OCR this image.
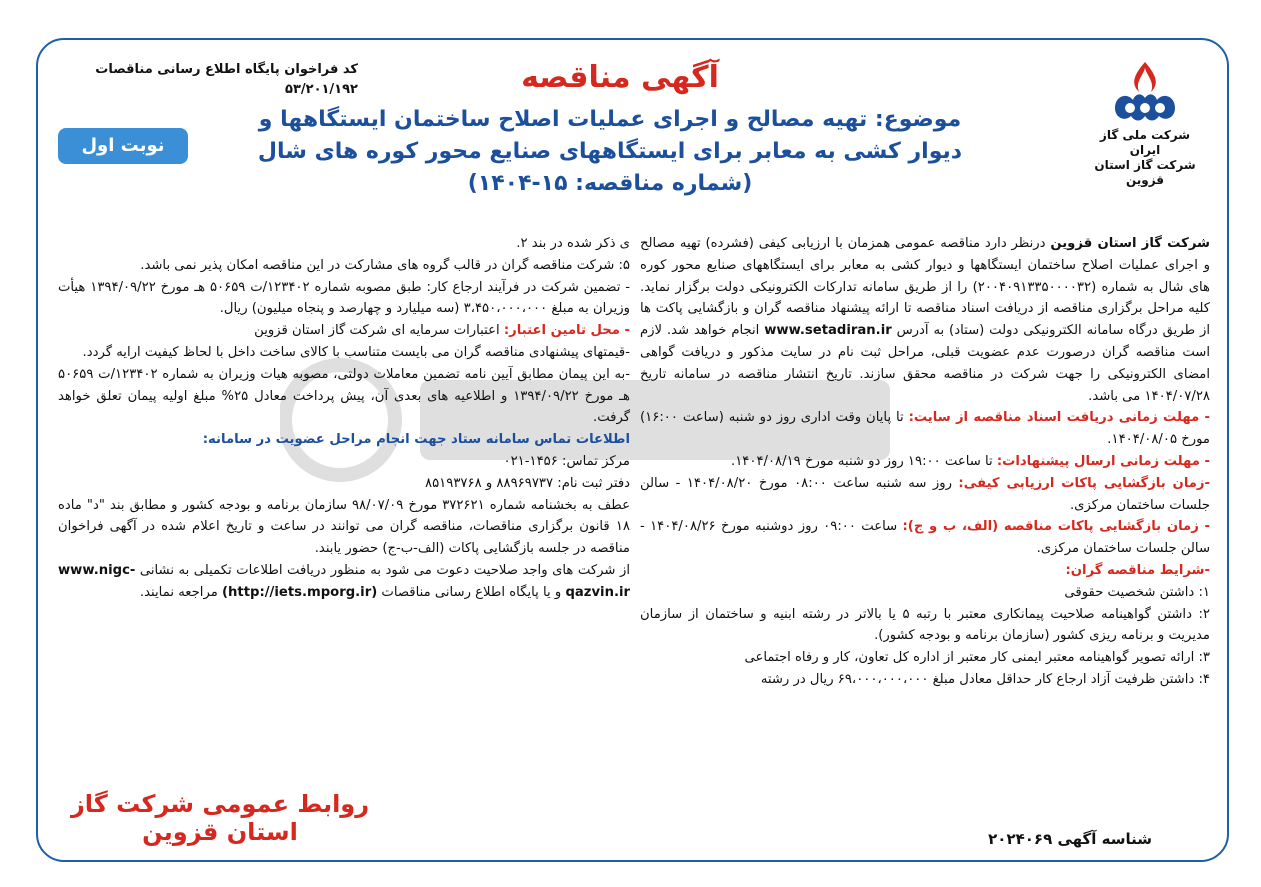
شرکت ملی گاز ایران
شرکت گاز استان قزوین
کد فراخوان پایگاه اطلاع رسانی مناقصات
۵۳/۲۰۱/۱۹۲
نوبت اول
آگهی مناقصه
موضوع: تهیه مصالح و اجرای عملیات اصلاح ساختمان ایستگاهها و
دیوار کشی به معابر برای ایستگاههای صنایع محور کوره های شال
(شماره مناقصه: ۱۵-۱۴۰۴)

شرکت گاز استان قزوین درنظر دارد مناقصه عمومی همزمان با ارزیابی کیفی (فشرده) تهیه مصالح و اجرای عملیات اصلاح ساختمان ایستگاهها و دیوار کشی به معابر برای ایستگاههای صنایع محور کوره های شال به شماره (۲۰۰۴۰۹۱۳۳۵۰۰۰۰۳۲) را از طریق سامانه تدارکات الکترونیکی دولت برگزار نماید. کلیه مراحل برگزاری مناقصه از دریافت اسناد مناقصه تا ارائه پیشنهاد مناقصه گران و بازگشایی پاکت ها از طریق درگاه سامانه الکترونیکی دولت (ستاد) به آدرس www.setadiran.ir انجام خواهد شد. لازم است مناقصه گران درصورت عدم عضویت قبلی، مراحل ثبت نام در سایت مذکور و دریافت گواهی امضای الکترونیکی را جهت شرکت در مناقصه محقق سازند. تاریخ انتشار مناقصه در سامانه تاریخ ۱۴۰۴/۰۷/۲۸ می باشد.

- مهلت زمانی دریافت اسناد مناقصه از سایت: تا پایان وقت اداری روز دو شنبه (ساعت ۱۶:۰۰) مورخ ۱۴۰۴/۰۸/۰۵.

- مهلت زمانی ارسال پیشنهادات: تا ساعت ۱۹:۰۰ روز دو شنبه مورخ ۱۴۰۴/۰۸/۱۹.

-زمان بازگشایی پاکات ارزیابی کیفی: روز سه شنبه ساعت ۰۸:۰۰ مورخ ۱۴۰۴/۰۸/۲۰ - سالن جلسات ساختمان مرکزی.

- زمان بازگشایی پاکات مناقصه (الف، ب و ج): ساعت ۰۹:۰۰ روز دوشنبه مورخ ۱۴۰۴/۰۸/۲۶ - سالن جلسات ساختمان مرکزی.

-شرایط مناقصه گران:

۱: داشتن شخصیت حقوقی

۲: داشتن گواهینامه صلاحیت پیمانکاری معتبر با رتبه ۵ یا بالاتر در رشته ابنیه و ساختمان از سازمان مدیریت و برنامه ریزی کشور (سازمان برنامه و بودجه کشور).

۳: ارائه تصویر گواهینامه معتبر ایمنی کار معتبر از اداره کل تعاون، کار و رفاه اجتماعی

۴: داشتن ظرفیت آزاد ارجاع کار حداقل معادل مبلغ ۶۹،۰۰۰،۰۰۰،۰۰۰ ریال در رشته

ی ذکر شده در بند ۲.

۵: شرکت مناقصه گران در قالب گروه های مشارکت در این مناقصه امکان پذیر نمی باشد.

- تضمین شرکت در فرآیند ارجاع کار: طبق مصوبه شماره ۱۲۳۴۰۲/ت ۵۰۶۵۹ هـ مورخ ۱۳۹۴/۰۹/۲۲ هیأت وزیران به مبلغ ۳،۴۵۰،۰۰۰،۰۰۰ (سه میلیارد و چهارصد و پنجاه میلیون) ریال.

- محل تامین اعتبار: اعتبارات سرمایه ای شرکت گاز استان قزوین

-قیمتهای پیشنهادی مناقصه گران می بایست متناسب با کالای ساخت داخل با لحاظ کیفیت ارایه گردد.

-به این پیمان مطابق آیین نامه تضمین معاملات دولتی، مصوبه هیات وزیران به شماره ۱۲۳۴۰۲/ت ۵۰۶۵۹ هـ مورخ ۱۳۹۴/۰۹/۲۲ و اطلاعیه های بعدی آن، پیش پرداخت معادل ۲۵% مبلغ اولیه پیمان تعلق خواهد گرفت.

اطلاعات تماس سامانه ستاد جهت انجام مراحل عضویت در سامانه:

مرکز تماس: ۱۴۵۶-۰۲۱

دفتر ثبت نام: ۸۸۹۶۹۷۳۷ و ۸۵۱۹۳۷۶۸

عطف به بخشنامه شماره ۳۷۲۶۲۱ مورخ ۹۸/۰۷/۰۹ سازمان برنامه و بودجه کشور و مطابق بند "د" ماده ۱۸ قانون برگزاری مناقصات، مناقصه گران می توانند در ساعت و تاریخ اعلام شده در آگهی فراخوان مناقصه در جلسه بازگشایی پاکات (الف-ب-ج) حضور یابند.

از شرکت های واجد صلاحیت دعوت می شود به منظور دریافت اطلاعات تکمیلی به نشانی www.nigc-qazvin.ir و یا پایگاه اطلاع رسانی مناقصات (http://iets.mporg.ir) مراجعه نمایند.

روابط عمومی شرکت گاز استان قزوین	شناسه آگهی ۲۰۲۴۰۶۹
